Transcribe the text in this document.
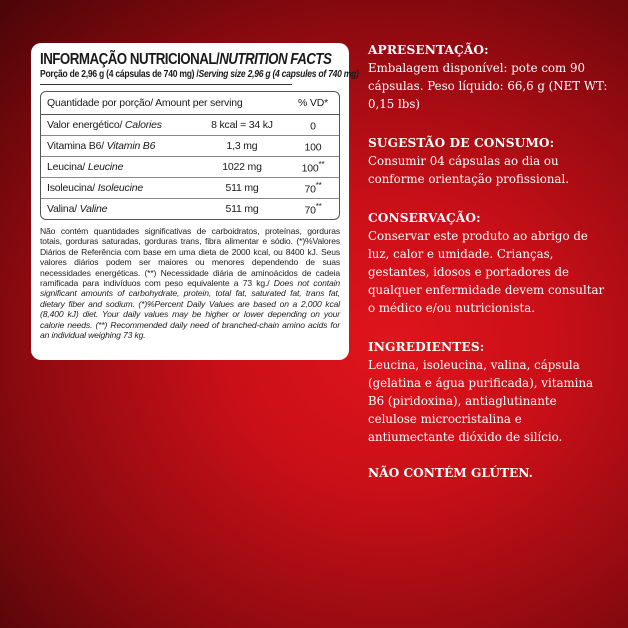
INFORMAÇÃO NUTRICIONAL/NUTRITION FACTS
Porção de 2,96 g (4 cápsulas de 740 mg) /Serving size 2,96 g (4 capsules of 740 mg)
Quantidade por porção/ Amount per serving	% VD*
Valor energético/ Calories	8 kcal = 34 kJ	0
Vitamina B6/ Vitamin B6	1,3 mg	100
Leucina/ Leucine	1022 mg	100**
Isoleucina/ Isoleucine	511 mg	70**
Valina/ Valine	511 mg	70**
Não contém quantidades significativas de carboidratos, proteínas, gorduras totais, gorduras saturadas, gorduras trans, fibra alimentar e sódio. (*)%Valores Diários de Referência com base em uma dieta de 2000 kcal, ou 8400 kJ. Seus valores diários podem ser maiores ou menores dependendo de suas necessidades energéticas. (**) Necessidade diária de aminoácidos de cadeia ramificada para indivíduos com peso equivalente a 73 kg./ Does not contain significant amounts of carbohydrate, protein, total fat, saturated fat, trans fat, dietary fiber and sodium. (*)%Percent Daily Values are based on a 2,000 kcal (8,400 kJ) diet. Your daily values may be higher or lower depending on your calorie needs. (**) Recommended daily need of branched-chain amino acids for an individual weighing 73 kg.
APRESENTAÇÃO:

Embalagem disponível: pote com 90 cápsulas. Peso líquido: 66,6 g (NET WT: 0,15 lbs)

SUGESTÃO DE CONSUMO:

Consumir 04 cápsulas ao dia ou conforme orientação profissional.

CONSERVAÇÃO:

Conservar este produto ao abrigo de luz, calor e umidade. Crianças, gestantes, idosos e portadores de qualquer enfermidade devem consultar o médico e/ou nutricionista.

INGREDIENTES:

Leucina, isoleucina, valina, cápsula (gelatina e água purificada), vitamina B6 (piridoxina), antiaglutinante celulose microcristalina e antiumectante dióxido de silício.

NÃO CONTÉM GLÚTEN.
